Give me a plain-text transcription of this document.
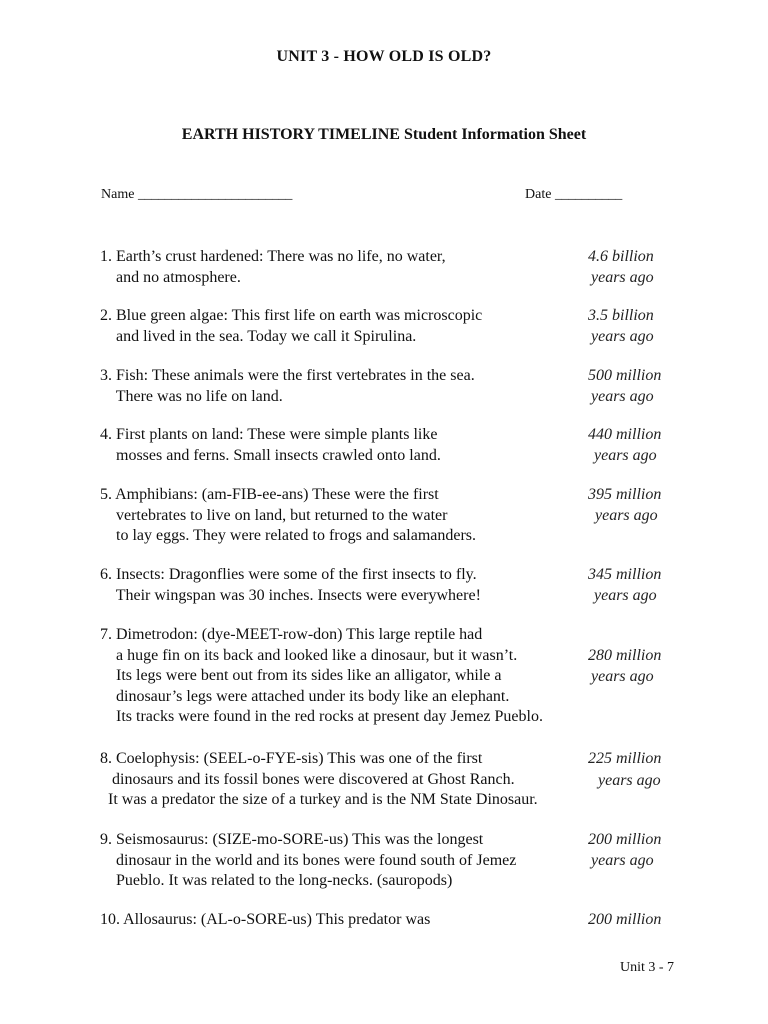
UNIT 3 - HOW OLD IS OLD?
EARTH HISTORY TIMELINE Student Information Sheet
Name _______________________	Date __________
1. Earth’s crust hardened: There was no life, no water,
and no atmosphere.
4.6 billion
years ago
2. Blue green algae: This first life on earth was microscopic
and lived in the sea. Today we call it Spirulina.
3.5 billion
years ago
3. Fish: These animals were the first vertebrates in the sea.
There was no life on land.
500 million
years ago
4. First plants on land: These were simple plants like
mosses and ferns. Small insects crawled onto land.
440 million
years ago
5. Amphibians: (am-FIB-ee-ans) These were the first
vertebrates to live on land, but returned to the water
to lay eggs. They were related to frogs and salamanders.
395 million
years ago
6. Insects: Dragonflies were some of the first insects to fly.
Their wingspan was 30 inches. Insects were everywhere!
345 million
years ago
7. Dimetrodon: (dye-MEET-row-don) This large reptile had
a huge fin on its back and looked like a dinosaur, but it wasn’t.
Its legs were bent out from its sides like an alligator, while a
dinosaur’s legs were attached under its body like an elephant.
Its tracks were found in the red rocks at present day Jemez Pueblo.
280 million
years ago
8. Coelophysis: (SEEL-o-FYE-sis) This was one of the first
dinosaurs and its fossil bones were discovered at Ghost Ranch.
It was a predator the size of a turkey and is the NM State Dinosaur.
225 million
years ago
9. Seismosaurus: (SIZE-mo-SORE-us) This was the longest
dinosaur in the world and its bones were found south of Jemez
Pueblo. It was related to the long-necks. (sauropods)
200 million
years ago
10. Allosaurus: (AL-o-SORE-us) This predator was	200 million
Unit 3 - 7
